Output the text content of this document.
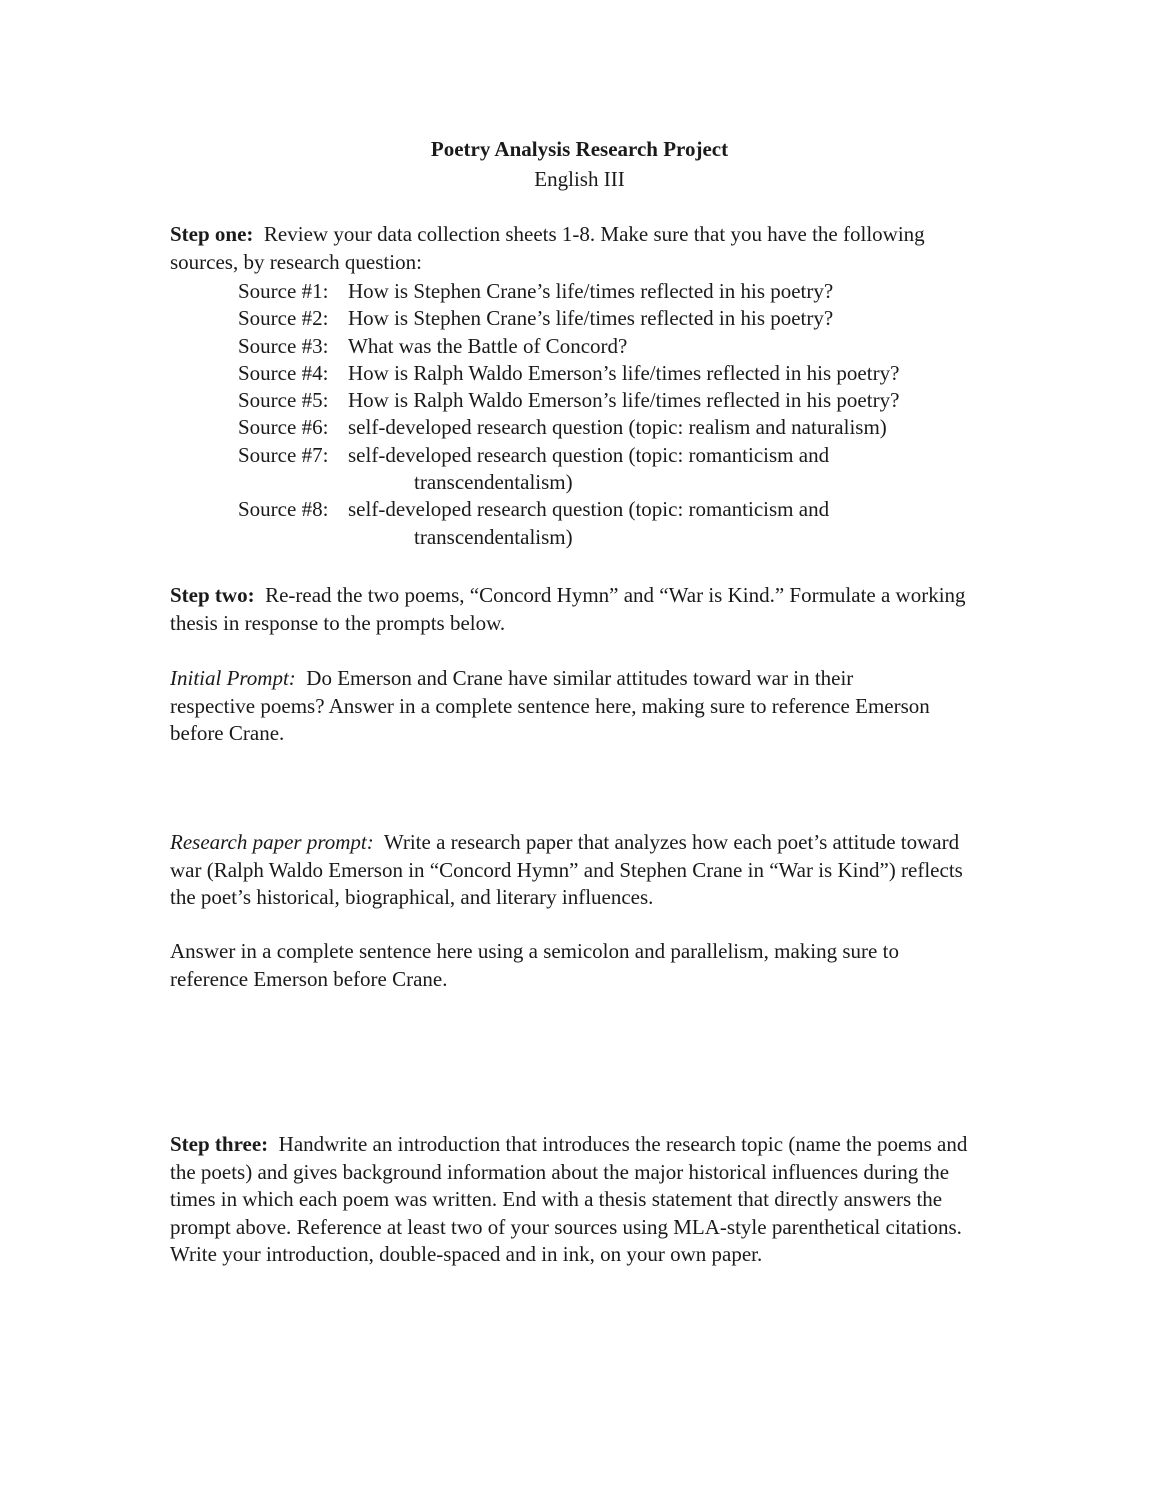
Poetry Analysis Research Project
English III
Step one: Review your data collection sheets 1-8. Make sure that you have the following sources, by research question:
Source #1: How is Stephen Crane’s life/times reflected in his poetry?
Source #2: How is Stephen Crane’s life/times reflected in his poetry?
Source #3: What was the Battle of Concord?
Source #4: How is Ralph Waldo Emerson’s life/times reflected in his poetry?
Source #5: How is Ralph Waldo Emerson’s life/times reflected in his poetry?
Source #6: self-developed research question (topic: realism and naturalism)
Source #7: self-developed research question (topic: romanticism and
transcendentalism)
Source #8: self-developed research question (topic: romanticism and
transcendentalism)
Step two: Re-read the two poems, “Concord Hymn” and “War is Kind.” Formulate a working thesis in response to the prompts below.
Initial Prompt: Do Emerson and Crane have similar attitudes toward war in their respective poems? Answer in a complete sentence here, making sure to reference Emerson before Crane.
Research paper prompt: Write a research paper that analyzes how each poet’s attitude toward war (Ralph Waldo Emerson in “Concord Hymn” and Stephen Crane in “War is Kind”) reflects the poet’s historical, biographical, and literary influences.
Answer in a complete sentence here using a semicolon and parallelism, making sure to reference Emerson before Crane.
Step three: Handwrite an introduction that introduces the research topic (name the poems and the poets) and gives background information about the major historical influences during the times in which each poem was written. End with a thesis statement that directly answers the prompt above. Reference at least two of your sources using MLA-style parenthetical citations. Write your introduction, double-spaced and in ink, on your own paper.
